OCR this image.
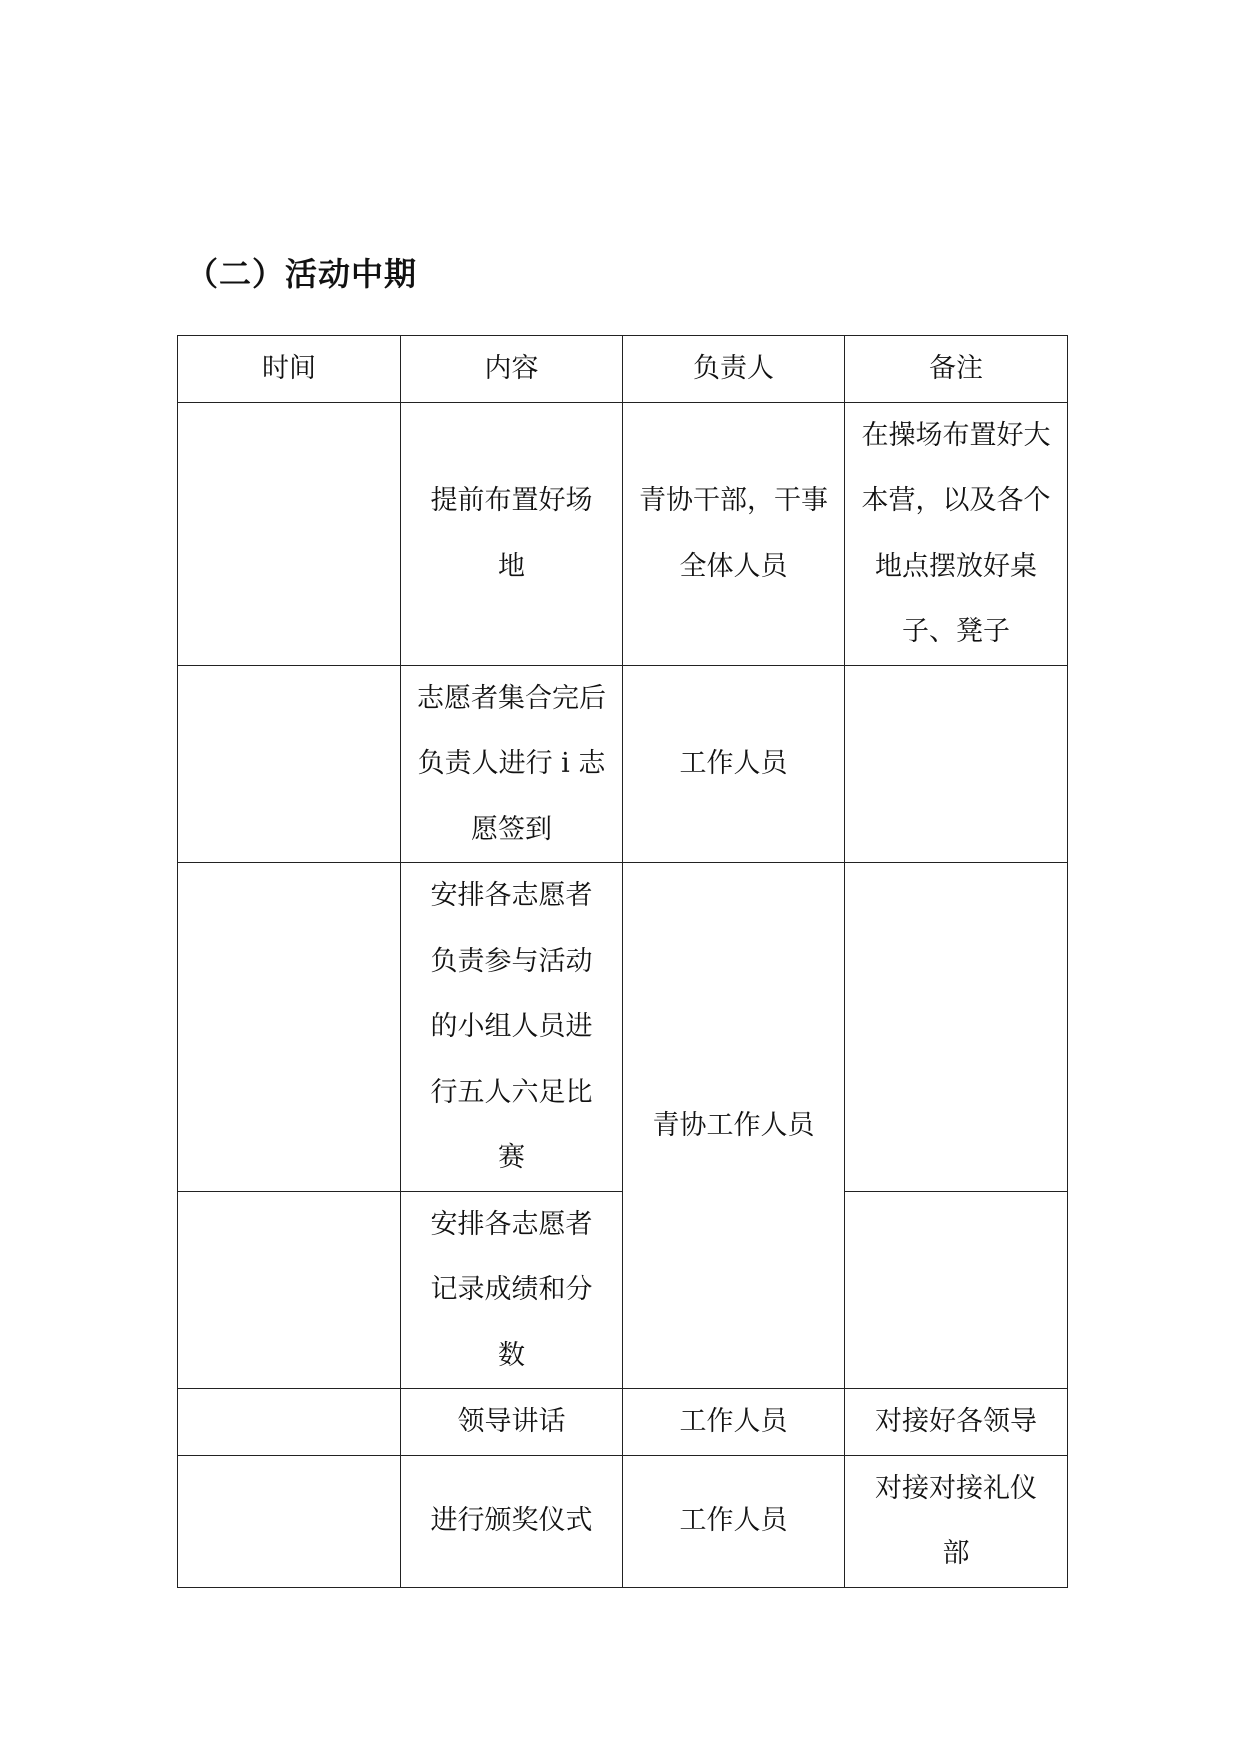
（二）活动中期
时间	内容	负责人	备注
	提前布置好场地	青协干部，干事全体人员	在操场布置好大本营，以及各个地点摆放好桌子、凳子
	志愿者集合完后负责人进行 i 志愿签到	工作人员	
	安排各志愿者负责参与活动的小组人员进行五人六足比赛	青协工作人员	
	安排各志愿者记录成绩和分数		
	领导讲话	工作人员	对接好各领导
	进行颁奖仪式	工作人员	对接对接礼仪部
